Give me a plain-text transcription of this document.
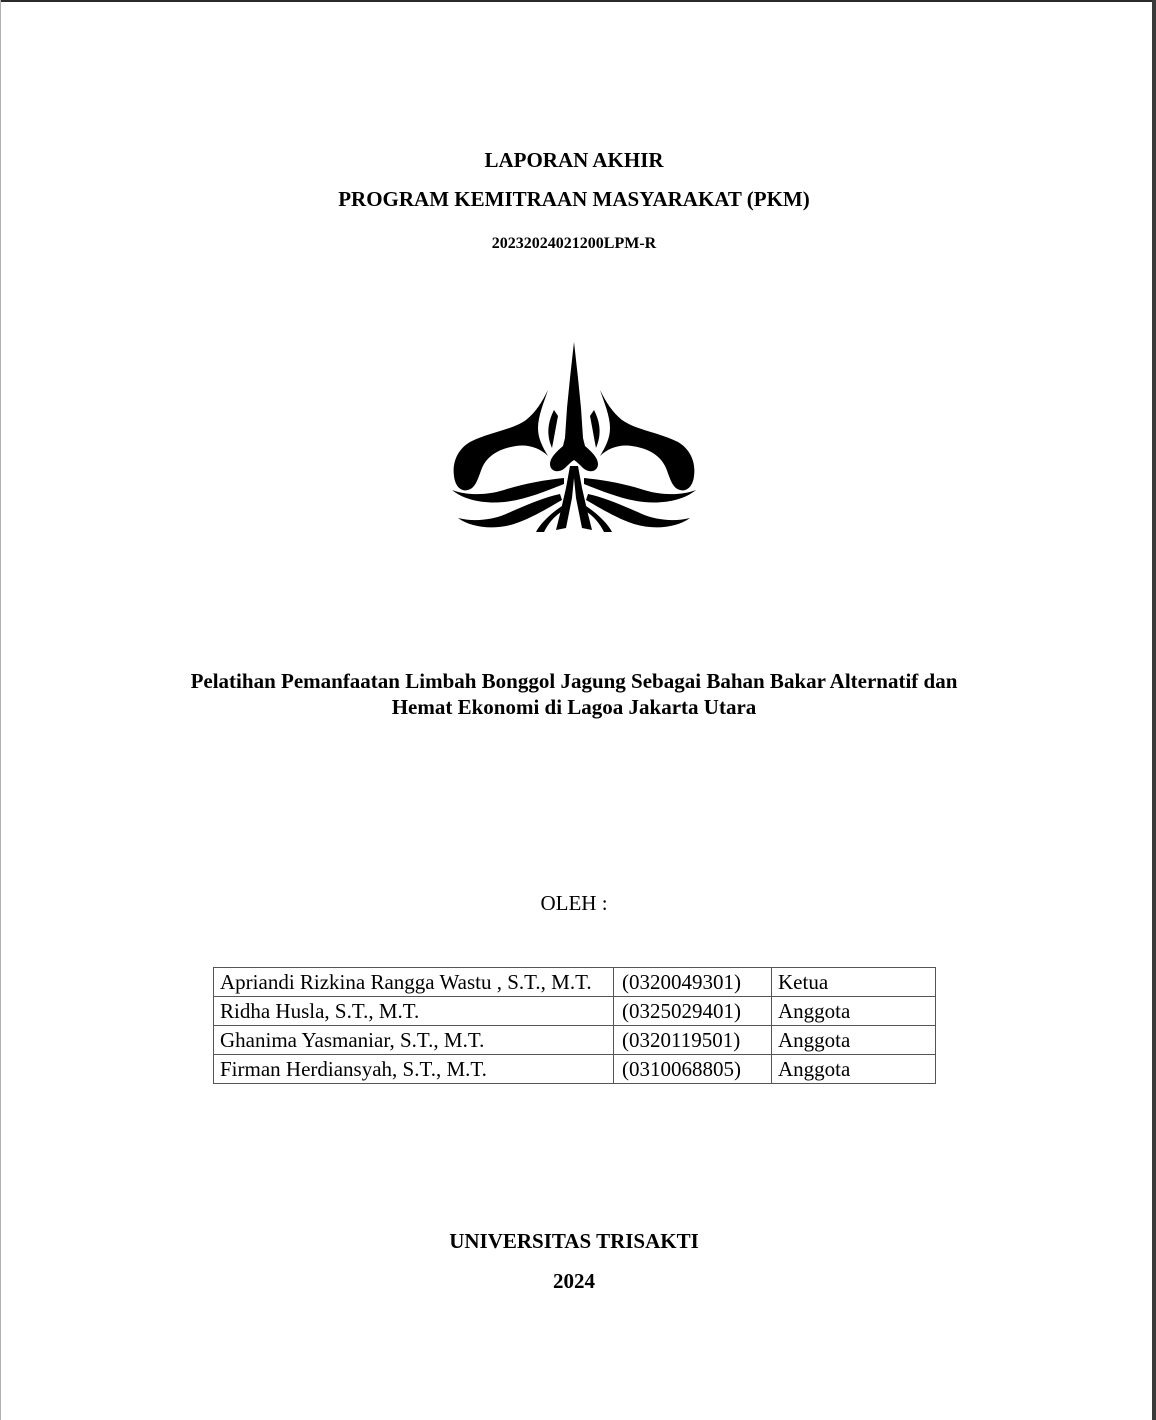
LAPORAN AKHIR
PROGRAM KEMITRAAN MASYARAKAT (PKM)
20232024021200LPM-R
Pelatihan Pemanfaatan Limbah Bonggol Jagung Sebagai Bahan Bakar Alternatif dan
Hemat Ekonomi di Lagoa Jakarta Utara
OLEH :
Apriandi Rizkina Rangga Wastu , S.T., M.T.	(0320049301)	Ketua
Ridha Husla, S.T., M.T.	(0325029401)	Anggota
Ghanima Yasmaniar, S.T., M.T.	(0320119501)	Anggota
Firman Herdiansyah, S.T., M.T.	(0310068805)	Anggota
UNIVERSITAS TRISAKTI
2024
